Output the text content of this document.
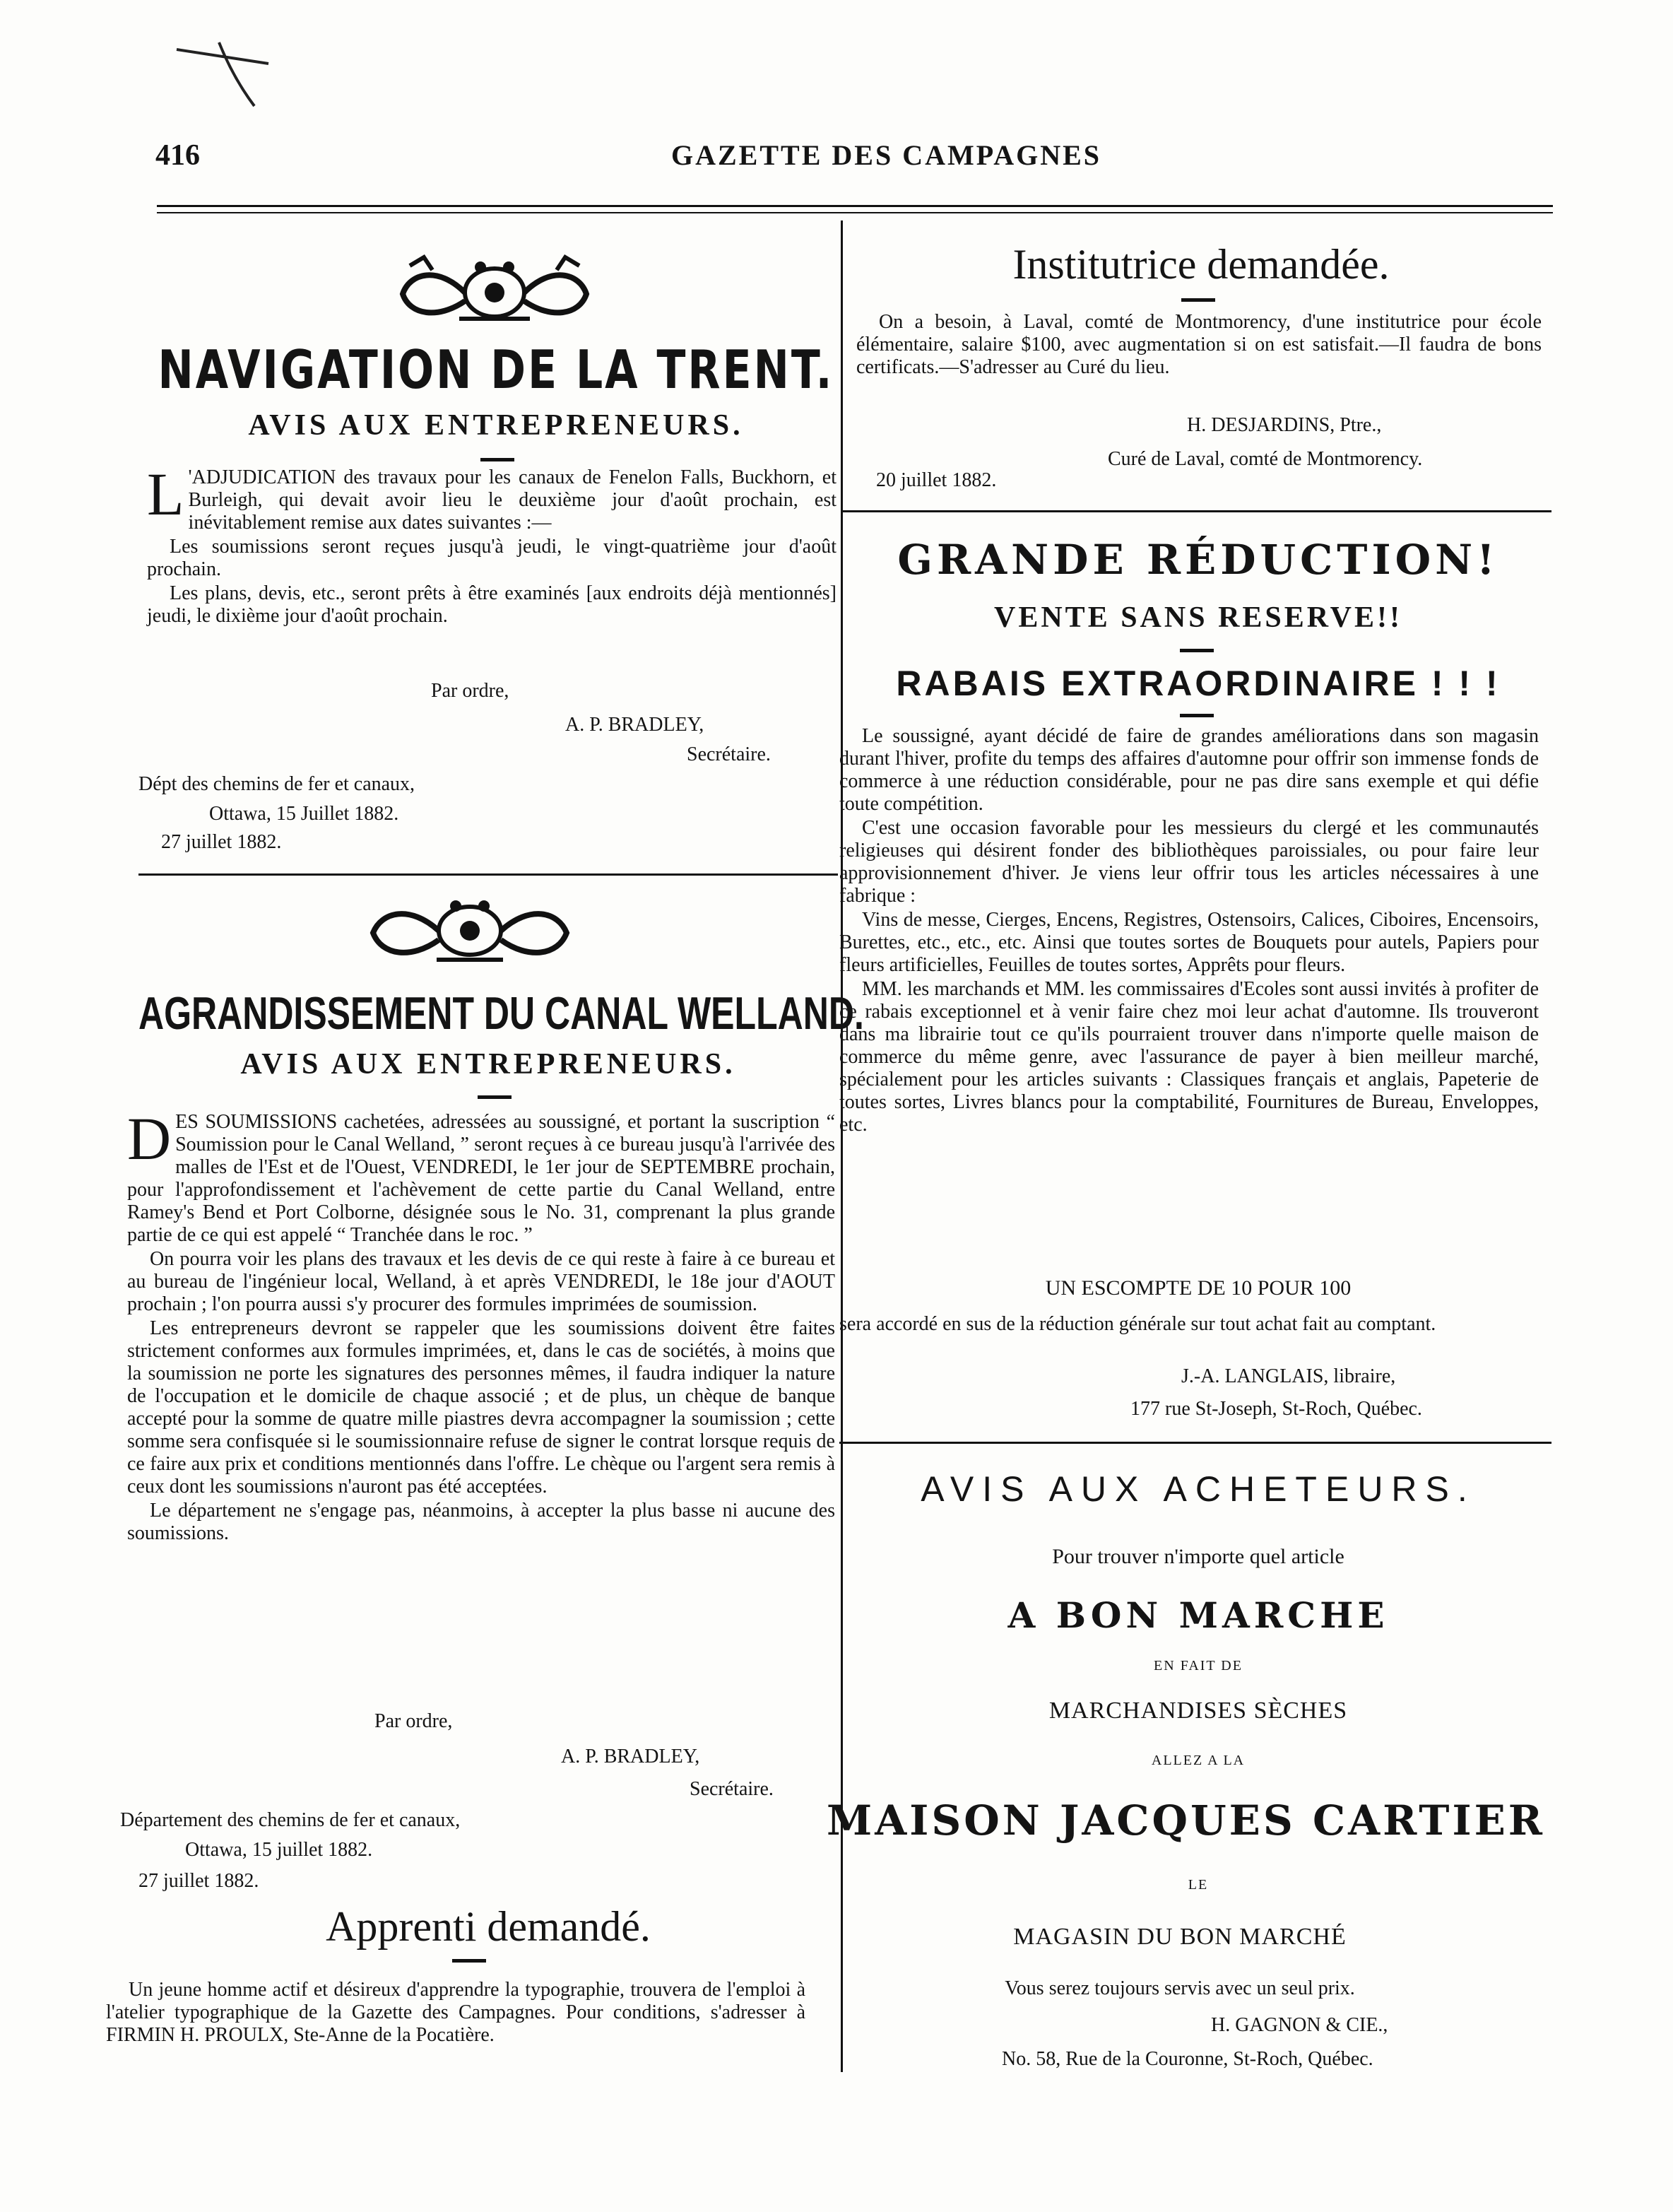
416	GAZETTE DES CAMPAGNES
NAVIGATION DE LA TRENT.
AVIS AUX ENTREPRENEURS.

L 'ADJUDICATION des travaux pour les canaux de Fenelon Falls, Buckhorn, et Burleigh, qui devait avoir lieu le deuxième jour d'août prochain, est inévitablement remise aux dates suivantes :—

Les soumissions seront reçues jusqu'à jeudi, le vingt-quatrième jour d'août prochain.

Les plans, devis, etc., seront prêts à être examinés [aux endroits déjà mentionnés] jeudi, le dixième jour d'août prochain.

Par ordre,
A. P. BRADLEY,
Secrétaire.
Dépt des chemins de fer et canaux,
Ottawa, 15 Juillet 1882.
27 juillet 1882.
AGRANDISSEMENT DU CANAL WELLAND.
AVIS AUX ENTREPRENEURS.

DES SOUMISSIONS cachetées, adressées au soussigné, et portant la suscription “ Soumission pour le Canal Welland, ” seront reçues à ce bureau jusqu'à l'arrivée des malles de l'Est et de l'Ouest, VENDREDI, le 1er jour de SEPTEMBRE prochain, pour l'approfondissement et l'achèvement de cette partie du Canal Welland, entre Ramey's Bend et Port Colborne, désignée sous le No. 31, comprenant la plus grande partie de ce qui est appelé “ Tranchée dans le roc. ”

On pourra voir les plans des travaux et les devis de ce qui reste à faire à ce bureau et au bureau de l'ingénieur local, Welland, à et après VENDREDI, le 18e jour d'AOUT prochain ; l'on pourra aussi s'y procurer des formules imprimées de soumission.

Les entrepreneurs devront se rappeler que les soumissions doivent être faites strictement conformes aux formules imprimées, et, dans le cas de sociétés, à moins que la soumission ne porte les signatures des personnes mêmes, il faudra indiquer la nature de l'occupation et le domicile de chaque associé ; et de plus, un chèque de banque accepté pour la somme de quatre mille piastres devra accompagner la soumission ; cette somme sera confisquée si le soumissionnaire refuse de signer le contrat lorsque requis de ce faire aux prix et conditions mentionnés dans l'offre. Le chèque ou l'argent sera remis à ceux dont les soumissions n'auront pas été acceptées.

Le département ne s'engage pas, néanmoins, à accepter la plus basse ni aucune des soumissions.

Par ordre,
A. P. BRADLEY,
Secrétaire.
Département des chemins de fer et canaux,
Ottawa, 15 juillet 1882.
27 juillet 1882.
Apprenti demandé.

Un jeune homme actif et désireux d'apprendre la typographie, trouvera de l'emploi à l'atelier typographique de la Gazette des Campagnes. Pour conditions, s'adresser à FIRMIN H. PROULX, Ste-Anne de la Pocatière.

Institutrice demandée.

On a besoin, à Laval, comté de Montmorency, d'une institutrice pour école élémentaire, salaire $100, avec augmentation si on est satisfait.—Il faudra de bons certificats.—S'adresser au Curé du lieu.

H. DESJARDINS, Ptre.,
Curé de Laval, comté de Montmorency.
20 juillet 1882.
GRANDE RÉDUCTION!
VENTE SANS RESERVE!!
RABAIS EXTRAORDINAIRE ! ! !

Le soussigné, ayant décidé de faire de grandes améliorations dans son magasin durant l'hiver, profite du temps des affaires d'automne pour offrir son immense fonds de commerce à une réduction considérable, pour ne pas dire sans exemple et qui défie toute compétition.

C'est une occasion favorable pour les messieurs du clergé et les communautés religieuses qui désirent fonder des bibliothèques paroissiales, ou pour faire leur approvisionnement d'hiver. Je viens leur offrir tous les articles nécessaires à une fabrique :

Vins de messe, Cierges, Encens, Registres, Ostensoirs, Calices, Ciboires, Encensoirs, Burettes, etc., etc., etc. Ainsi que toutes sortes de Bouquets pour autels, Papiers pour fleurs artificielles, Feuilles de toutes sortes, Apprêts pour fleurs.

MM. les marchands et MM. les commissaires d'Ecoles sont aussi invités à profiter de ce rabais exceptionnel et à venir faire chez moi leur achat d'automne. Ils trouveront dans ma librairie tout ce qu'ils pourraient trouver dans n'importe quelle maison de commerce du même genre, avec l'assurance de payer à bien meilleur marché, spécialement pour les articles suivants : Classiques français et anglais, Papeterie de toutes sortes, Livres blancs pour la comptabilité, Fournitures de Bureau, Enveloppes, etc.

UN ESCOMPTE DE 10 POUR 100

sera accordé en sus de la réduction générale sur tout achat fait au comptant.

J.-A. LANGLAIS, libraire,
177 rue St-Joseph, St-Roch, Québec.
AVIS AUX ACHETEURS.
Pour trouver n'importe quel article
A BON MARCHE
EN FAIT DE
MARCHANDISES SÈCHES
ALLEZ A LA
MAISON JACQUES CARTIER
LE
MAGASIN DU BON MARCHÉ
Vous serez toujours servis avec un seul prix.
H. GAGNON & CIE.,
No. 58, Rue de la Couronne, St-Roch, Québec.
